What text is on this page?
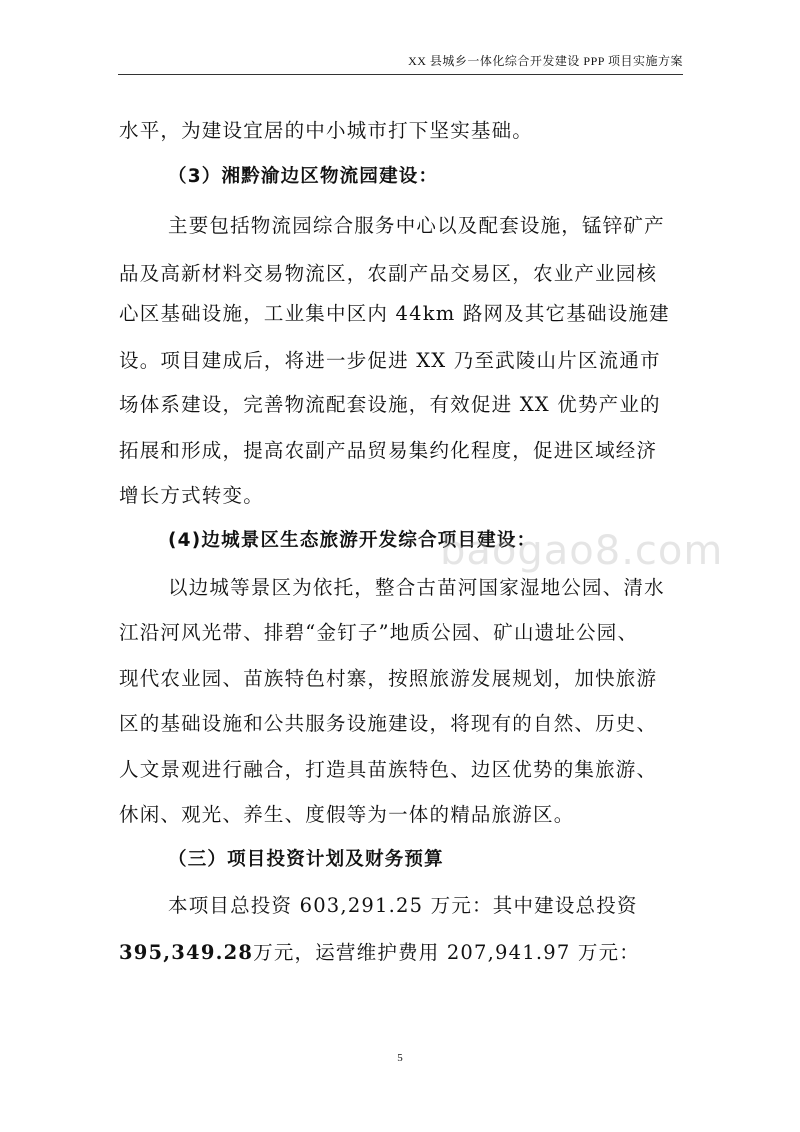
XX 县城乡一体化综合开发建设 PPP 项目实施方案
水平，为建设宜居的中小城市打下坚实基础。
（3）湘黔渝边区物流园建设：
主要包括物流园综合服务中心以及配套设施，锰锌矿产
品及高新材料交易物流区，农副产品交易区，农业产业园核
心区基础设施，工业集中区内 44km 路网及其它基础设施建
设。项目建成后，将进一步促进 XX 乃至武陵山片区流通市
场体系建设，完善物流配套设施，有效促进 XX 优势产业的
拓展和形成，提高农副产品贸易集约化程度，促进区域经济
增长方式转变。
(4)边城景区生态旅游开发综合项目建设：
baogao8.com
以边城等景区为依托，整合古苗河国家湿地公园、清水
江沿河风光带、排碧“金钉子”地质公园、矿山遗址公园、
现代农业园、苗族特色村寨，按照旅游发展规划，加快旅游
区的基础设施和公共服务设施建设，将现有的自然、历史、
人文景观进行融合，打造具苗族特色、边区优势的集旅游、
休闲、观光、养生、度假等为一体的精品旅游区。
（三）项目投资计划及财务预算
本项目总投资 603,291.25 万元：其中建设总投资
395,349.28万元，运营维护费用 207,941.97 万元：
5
